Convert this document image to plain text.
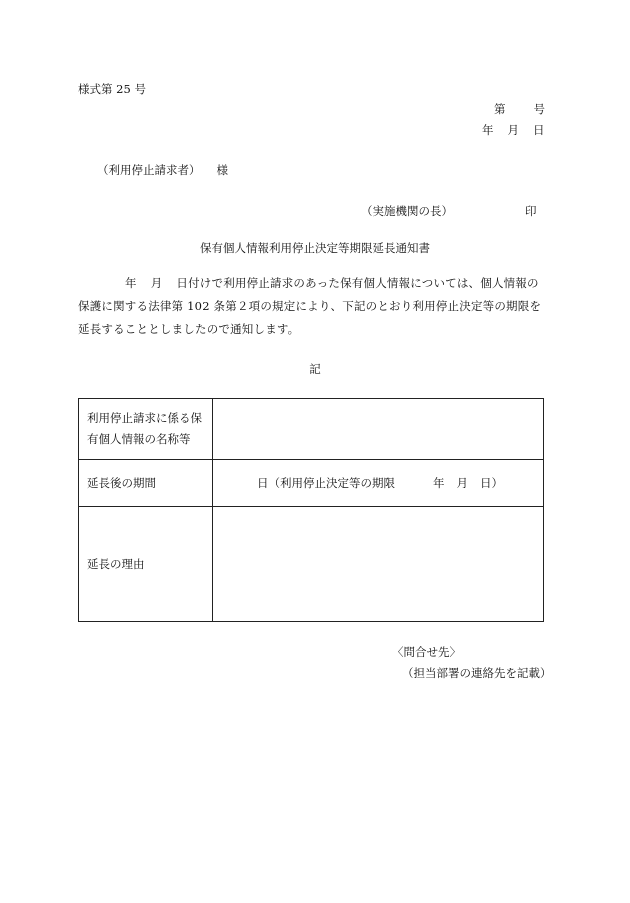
様式第 25 号
第 号
年 月 日
（利用停止請求者） 様
（実施機関の長）	印
保有個人情報利用停止決定等期限延長通知書
年 月 日付けで利用停止請求のあった保有個人情報については、個人情報の保護に関する法律第 102 条第２項の規定により、下記のとおり利用停止決定等の期限を延長することとしましたので通知します。
記
利用停止請求に係る保
有個人情報の名称等	

延長後の期間	日（利用停止決定等の期限 年 月 日）
延長の理由	
〈問合せ先〉
（担当部署の連絡先を記載）
